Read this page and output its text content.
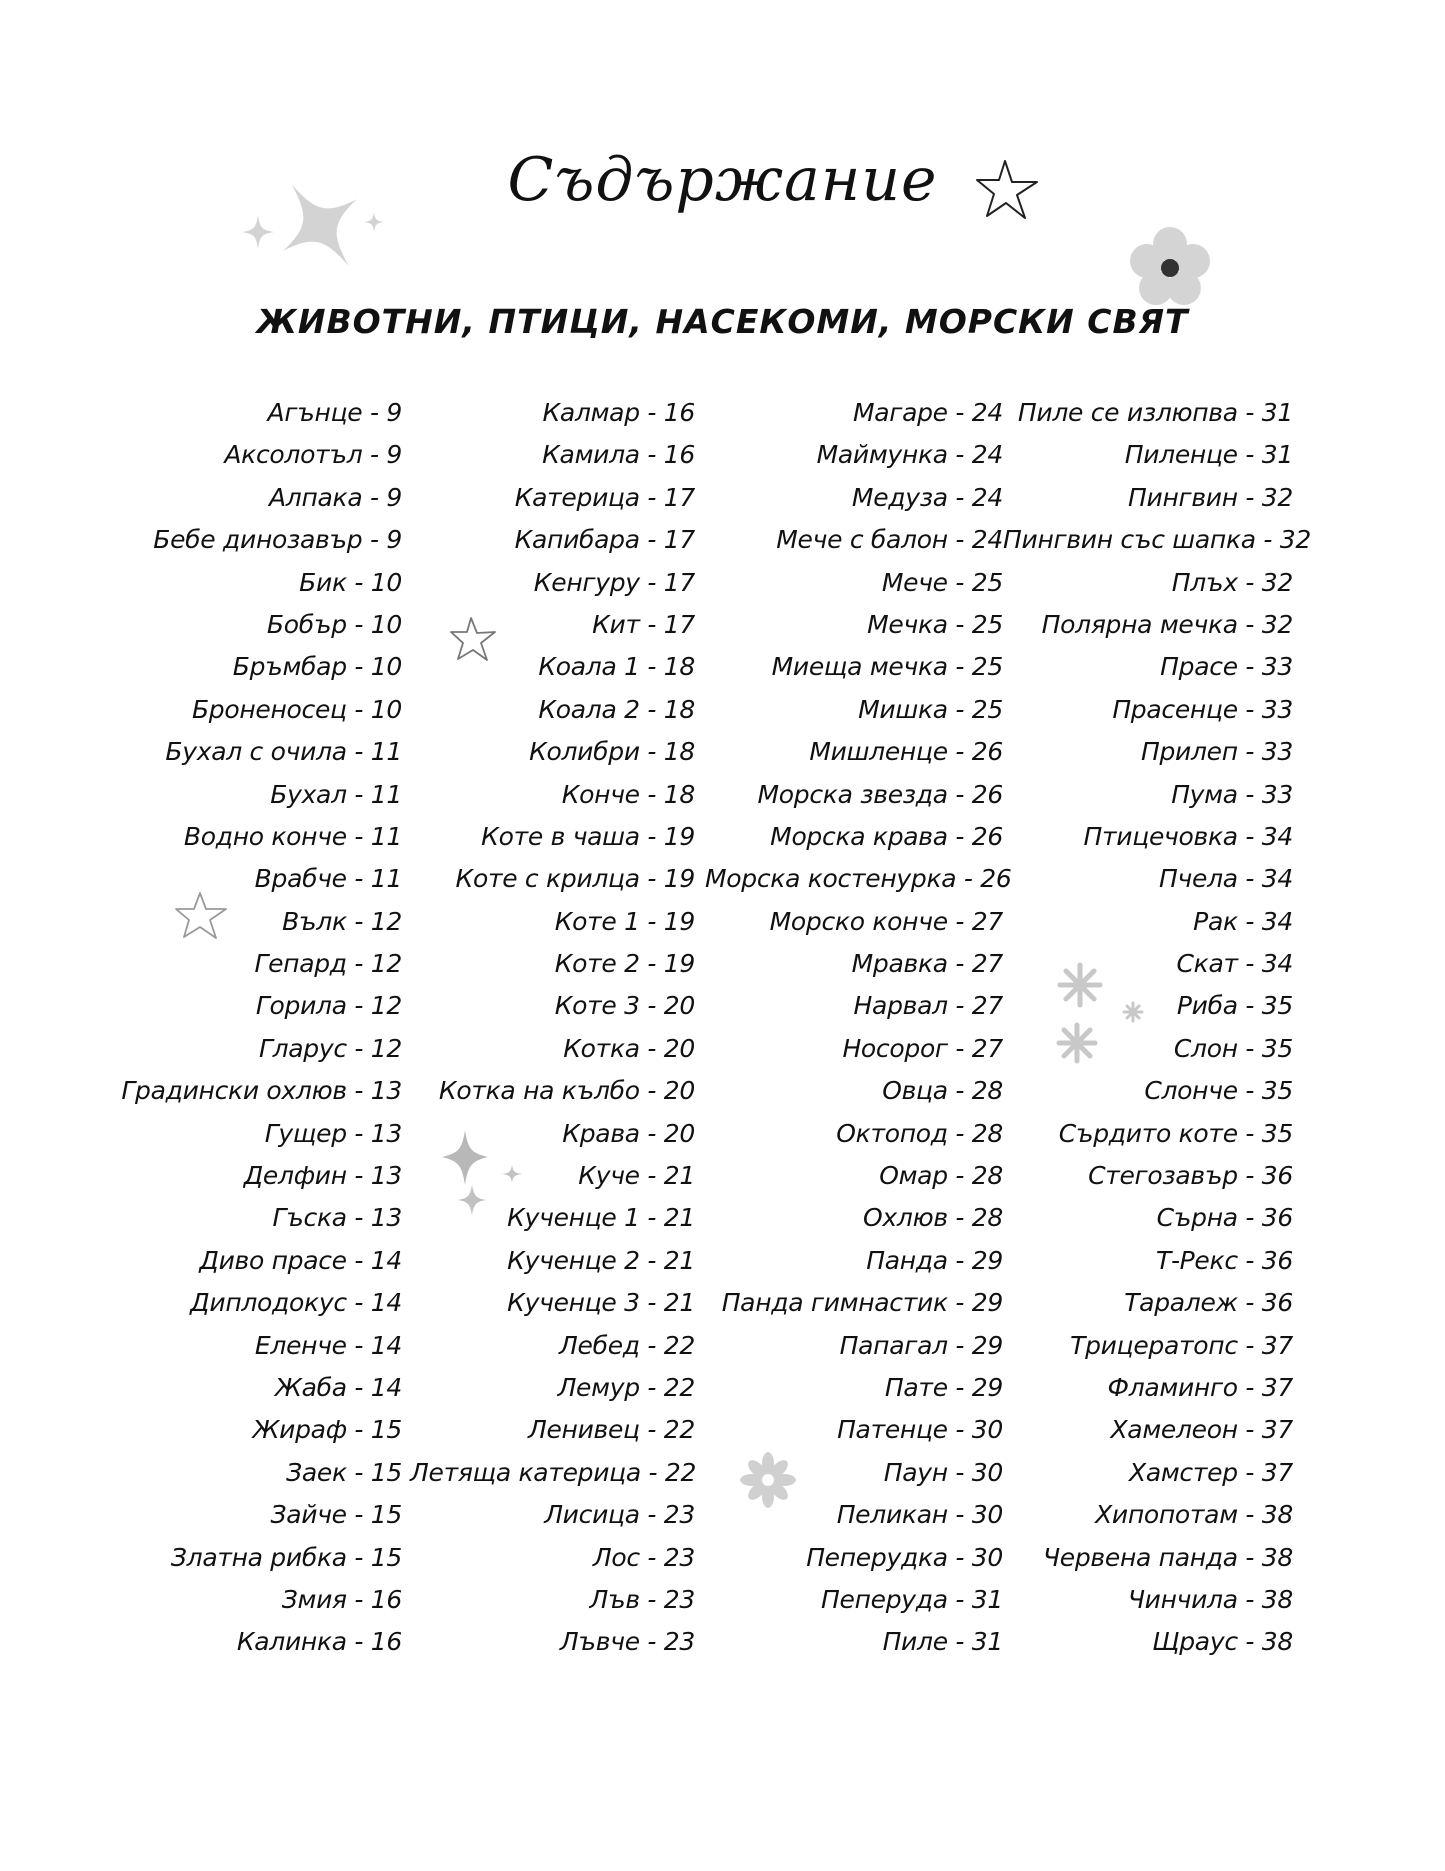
Съдържание
ЖИВОТНИ, ПТИЦИ, НАСЕКОМИ, МОРСКИ СВЯТ
Агънце - 9
Аксолотъл - 9
Алпака - 9
Бебе динозавър - 9
Бик - 10
Бобър - 10
Бръмбар - 10
Броненосец - 10
Бухал с очила - 11
Бухал - 11
Водно конче - 11
Врабче - 11
Вълк - 12
Гепард - 12
Горила - 12
Гларус - 12
Градински охлюв - 13
Гущер - 13
Делфин - 13
Гъска - 13
Диво прасе - 14
Диплодокус - 14
Еленче - 14
Жаба - 14
Жираф - 15
Заек - 15
Зайче - 15
Златна рибка - 15
Змия - 16
Калинка - 16
Калмар - 16
Камила - 16
Катерица - 17
Капибара - 17
Кенгуру - 17
Кит - 17
Коала 1 - 18
Коала 2 - 18
Колибри - 18
Конче - 18
Коте в чаша - 19
Коте с крилца - 19
Коте 1 - 19
Коте 2 - 19
Коте 3 - 20
Котка - 20
Котка на кълбо - 20
Крава - 20
Куче - 21
Кученце 1 - 21
Кученце 2 - 21
Кученце 3 - 21
Лебед - 22
Лемур - 22
Ленивец - 22
Летяща катерица - 22
Лисица - 23
Лос - 23
Лъв - 23
Лъвче - 23
Магаре - 24
Маймунка - 24
Медуза - 24
Мече с балон - 24
Мече - 25
Мечка - 25
Миеща мечка - 25
Мишка - 25
Мишленце - 26
Морска звезда - 26
Морска крава - 26
Морска костенурка - 26
Морско конче - 27
Мравка - 27
Нарвал - 27
Носорог - 27
Овца - 28
Октопод - 28
Омар - 28
Охлюв - 28
Панда - 29
Панда гимнастик - 29
Папагал - 29
Пате - 29
Патенце - 30
Паун - 30
Пеликан - 30
Пеперудка - 30
Пеперуда - 31
Пиле - 31
Пиле се излюпва - 31
Пиленце - 31
Пингвин - 32
Пингвин със шапка - 32
Плъх - 32
Полярна мечка - 32
Прасе - 33
Прасенце - 33
Прилеп - 33
Пума - 33
Птицечовка - 34
Пчела - 34
Рак - 34
Скат - 34
Риба - 35
Слон - 35
Слонче - 35
Сърдито коте - 35
Стегозавър - 36
Сърна - 36
Т-Рекс - 36
Таралеж - 36
Трицератопс - 37
Фламинго - 37
Хамелеон - 37
Хамстер - 37
Хипопотам - 38
Червена панда - 38
Чинчила - 38
Щраус - 38
